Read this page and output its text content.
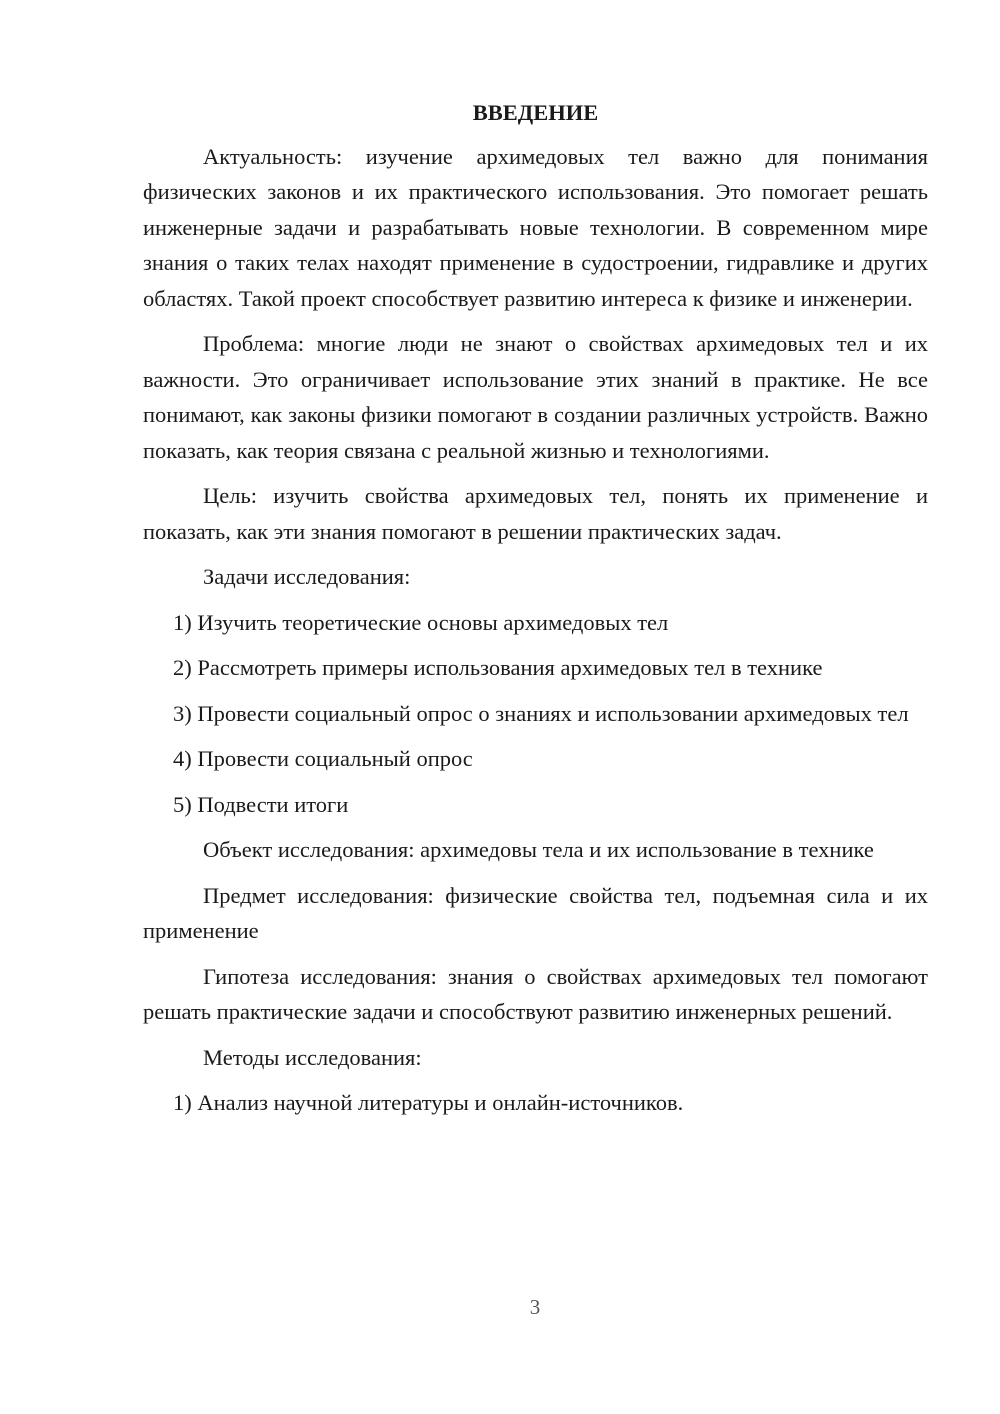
ВВЕДЕНИЕ

Актуальность: изучение архимедовых тел важно для понимания физических законов и их практического использования. Это помогает решать инженерные задачи и разрабатывать новые технологии. В современном мире знания о таких телах находят применение в судостроении, гидравлике и других областях. Такой проект способствует развитию интереса к физике и инженерии.

Проблема: многие люди не знают о свойствах архимедовых тел и их важности. Это ограничивает использование этих знаний в практике. Не все понимают, как законы физики помогают в создании различных устройств. Важно показать, как теория связана с реальной жизнью и технологиями.

Цель: изучить свойства архимедовых тел, понять их применение и показать, как эти знания помогают в решении практических задач.

Задачи исследования:

1) Изучить теоретические основы архимедовых тел

2) Рассмотреть примеры использования архимедовых тел в технике

3) Провести социальный опрос о знаниях и использовании архимедовых тел

4) Провести социальный опрос

5) Подвести итоги

Объект исследования: архимедовы тела и их использование в технике

Предмет исследования: физические свойства тел, подъемная сила и их применение

Гипотеза исследования: знания о свойствах архимедовых тел помогают решать практические задачи и способствуют развитию инженерных решений.

Методы исследования:

1) Анализ научной литературы и онлайн-источников.

3
